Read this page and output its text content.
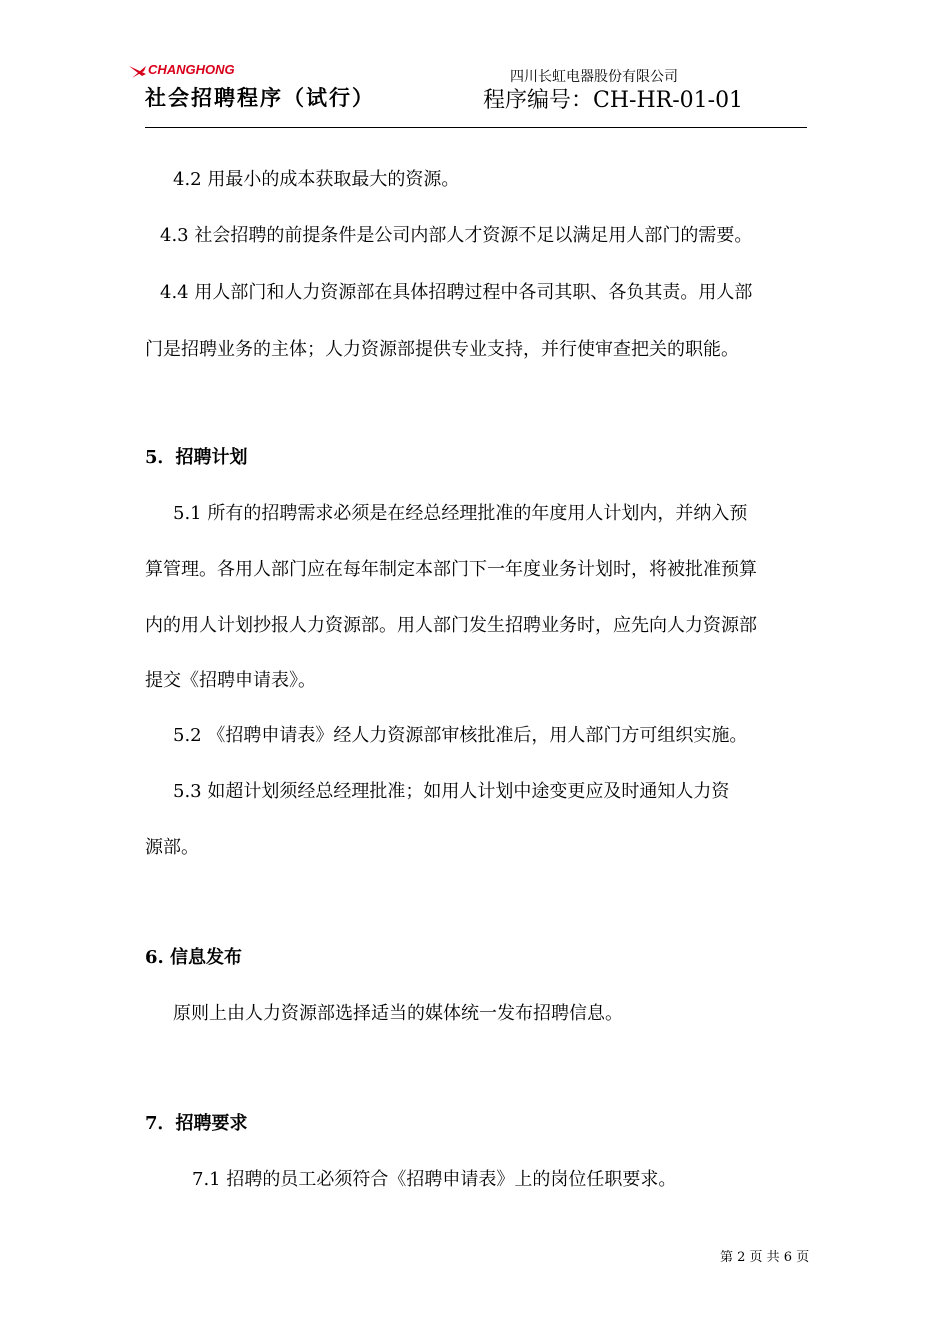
CHANGHONG
社会招聘程序（试行）
四川长虹电器股份有限公司
程序编号：CH-HR-01-01
4.2 用最小的成本获取最大的资源。
4.3 社会招聘的前提条件是公司内部人才资源不足以满足用人部门的需要。
4.4 用人部门和人力资源部在具体招聘过程中各司其职、各负其责。用人部
门是招聘业务的主体；人力资源部提供专业支持，并行使审查把关的职能。
5．招聘计划
5.1 所有的招聘需求必须是在经总经理批准的年度用人计划内，并纳入预
算管理。各用人部门应在每年制定本部门下一年度业务计划时，将被批准预算
内的用人计划抄报人力资源部。用人部门发生招聘业务时，应先向人力资源部
提交《招聘申请表》。
5.2 《招聘申请表》经人力资源部审核批准后，用人部门方可组织实施。
5.3 如超计划须经总经理批准；如用人计划中途变更应及时通知人力资
源部。
6. 信息发布
原则上由人力资源部选择适当的媒体统一发布招聘信息。
7．招聘要求
7.1 招聘的员工必须符合《招聘申请表》上的岗位任职要求。
第 2 页 共 6 页
